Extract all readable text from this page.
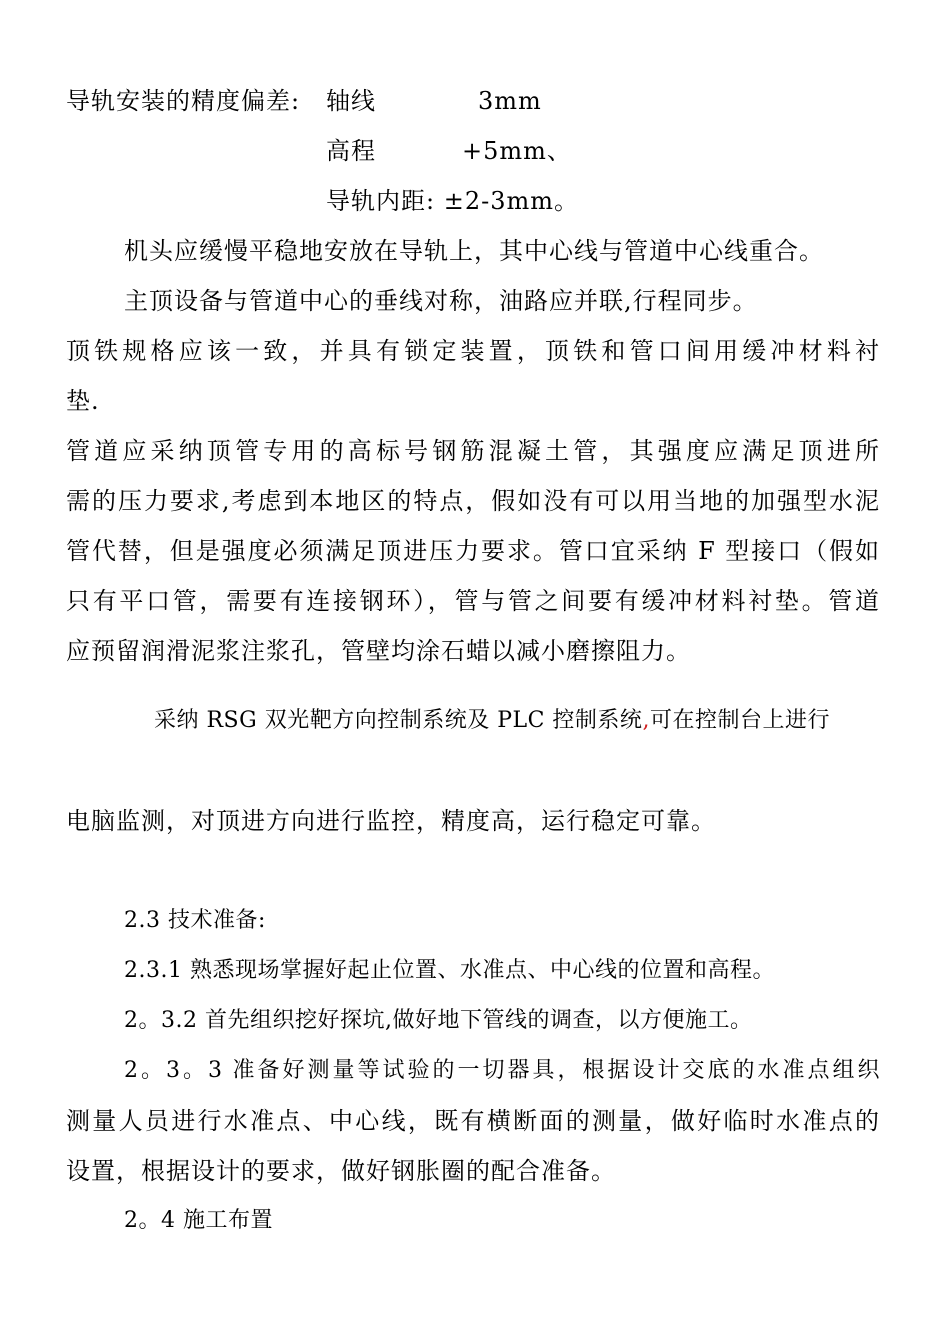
导轨安装的精度偏差: 轴线	3mm
高程	+5mm、
导轨内距: ±2-3mm。
机头应缓慢平稳地安放在导轨上，其中心线与管道中心线重合。
主顶设备与管道中心的垂线对称，油路应并联,行程同步。
顶铁规格应该一致，并具有锁定装置，顶铁和管口间用缓冲材料衬
垫.
管道应采纳顶管专用的高标号钢筋混凝土管，其强度应满足顶进所
需的压力要求,考虑到本地区的特点，假如没有可以用当地的加强型水泥
管代替，但是强度必须满足顶进压力要求。管口宜采纳 F 型接口（假如
只有平口管，需要有连接钢环），管与管之间要有缓冲材料衬垫。管道
应预留润滑泥浆注浆孔，管壁均涂石蜡以减小磨擦阻力。
采纳 RSG 双光靶方向控制系统及 PLC 控制系统,可在控制台上进行
电脑监测，对顶进方向进行监控，精度高，运行稳定可靠。
2.3 技术准备:
2.3.1 熟悉现场掌握好起止位置、水准点、中心线的位置和高程。
2。3.2 首先组织挖好探坑,做好地下管线的调查，以方便施工。
2。3。3 准备好测量等试验的一切器具，根据设计交底的水准点组织
测量人员进行水准点、中心线，既有横断面的测量，做好临时水准点的
设置，根据设计的要求，做好钢胀圈的配合准备。
2。4 施工布置
